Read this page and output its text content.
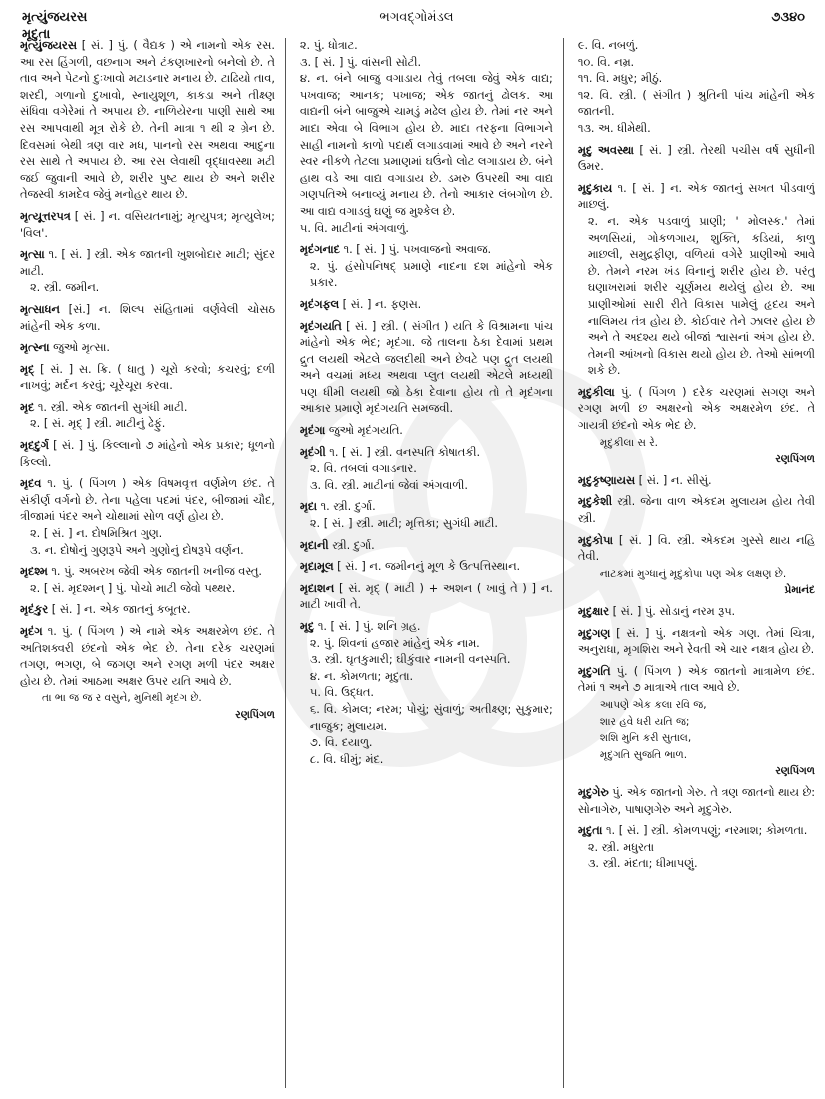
મૃત્યુંજયરસ
મૃદુતા
ભગવદ્ગોમંડલ	૭૩૪૦
મૃત્યુંજયરસ [ સં. ] પું. ( વૈદ્યક ) એ નામનો એક રસ. આ રસ હિંગળી, વછનાગ અને ટંકણખારનો બનેલો છે. તે તાવ અને પેટનો દુઃખાવો મટાડનાર મનાય છે. ટાઢિયો તાવ, શરદી, ગળાનો દુખાવો, સ્નાયુશૂળ, કાકડા અને તીક્ષ્ણ સંધિવા વગેરેમાં તે અપાય છે. નાળિયેરના પાણી સાથે આ રસ આપવાથી મૂત્ર રોકે છે. તેની માત્રા ૧ થી ૨ ગ્રેન છે. દિવસમાં બેથી ત્રણ વાર મધ, પાનનો રસ અથવા આદુના રસ સાથે તે અપાય છે. આ રસ લેવાથી વૃદ્ધાવસ્થા મટી જઈ જુવાની આવે છે, શરીર પુષ્ટ થાય છે અને શરીર તેજસ્વી કામદેવ જેવું મનોહર થાય છે.
મૃત્યૂત્તરપત્ર [ સં. ] ન. વસિયતનામું; મૃત્યુપત્ર; મૃત્યુલેખ; 'વિલ'.
મૃત્સા ૧. [ સં. ] સ્ત્રી. એક જાતની ખુશબોદાર માટી; સુંદર માટી.
૨. સ્ત્રી. જમીન.
મૃત્સાધન [સં.] ન. શિલ્પ સંહિતામાં વર્ણવેલી ચોસઠ માંહેની એક કળા.
મૃત્સ્ના જુઓ મૃત્સા.
મૃદ્ [ સં. ] સ. ક્રિ. ( ધાતુ ) ચૂરો કરવો; કચરવું; દળી નાખવું; મર્દન કરવું; ચૂરેચૂરા કરવા.
મૃદ ૧. સ્ત્રી. એક જાતની સુગંધી માટી.
૨. [ સં. મૃદ્ ] સ્ત્રી. માટીનું ઢેફું.
મૃદદુર્ગ [ સં. ] પું. કિલ્લાનો ૭ માંહેનો એક પ્રકાર; ધૂળનો કિલ્લો.
મૃદવ ૧. પું. ( પિંગળ ) એક વિષમવૃત્ત વર્ણમેળ છંદ. તે સંકીર્ણ વર્ગનો છે. તેના પહેલા પદમાં પંદર, બીજામાં ચૌદ, ત્રીજામાં પંદર અને ચોથામાં સોળ વર્ણ હોય છે.
૨. [ સં. ] ન. દોષમિશ્રિત ગુણ.
૩. ન. દોષોનું ગુણરૂપે અને ગુણોનું દોષરૂપે વર્ણન.
મૃદશ્મ ૧. પું. અબરખ જેવી એક જાતની ખનીજ વસ્તુ.
૨. [ સં. મૃદશ્મન્ ] પું. પોચો માટી જેવો પથ્થર.
મૃદંકુર [ સં. ] ન. એક જાતનું કબૂતર.
મૃદંગ ૧. પું. ( પિંગળ ) એ નામે એક અક્ષરમેળ છંદ. તે અતિશક્વરી છંદનો એક ભેદ છે. તેના દરેક ચરણમાં તગણ, ભગણ, બે જગણ અને રગણ મળી પંદર અક્ષર હોય છે. તેમાં આઠમા અક્ષર ઉપર યતિ આવે છે.
તા ભા જ જ ર વસુને, મુનિથી મૃદંગ છે.
રણપિંગળ
૨. પું. ધોત્રાટ.
૩. [ સં. ] પું. વાંસની સોટી.
૪. ન. બંને બાજુ વગાડાય તેવું તબલા જેવું એક વાદ્ય; પખવાજ; આનક; પખાજ; એક જાતનું ઢોલક. આ વાદ્યની બંને બાજુએ ચામડું મઢેલ હોય છે. તેમાં નર અને માદા એવા બે વિભાગ હોય છે. માદા તરફના વિભાગને સાહી નામનો કાળો પદાર્થ લગાડવામાં આવે છે અને નરને સ્વર નીકળે તેટલા પ્રમાણમાં ઘઉંનો લોટ લગાડાય છે. બંને હાથ વડે આ વાદ્ય વગાડાય છે. ડમરુ ઉપરથી આ વાદ્ય ગણપતિએ બનાવ્યું મનાય છે. તેનો આકાર લંબગોળ છે. આ વાદ્ય વગાડવું ઘણું જ મુશ્કેલ છે.
૫. વિ. માટીનાં અંગવાળું.
મૃદંગનાદ ૧. [ સં. ] પું. પખવાજનો અવાજ.
૨. પું. હંસોપનિષદ્ પ્રમાણે નાદના દશ માંહેનો એક પ્રકાર.
મૃદંગફલ [ સં. ] ન. ફણસ.
મૃદંગયતિ [ સં. ] સ્ત્રી. ( સંગીત ) યતિ કે વિશ્રામના પાંચ માંહેનો એક ભેદ; મૃદંગા. જે તાલના ઠેકા દેવામાં પ્રથમ દ્રુત લયથી એટલે જલદીથી અને છેવટે પણ દ્રુત લયથી અને વચમાં મધ્ય અથવા પ્લુત લયથી એટલે મધ્યથી પણ ધીમી લયથી જો ઠેકા દેવાના હોય તો તે મૃદંગના આકાર પ્રમાણે મૃદંગયતિ સમજવી.
મૃદંગા જુઓ મૃદંગયતિ.
મૃદંગી ૧. [ સં. ] સ્ત્રી. વનસ્પતિ કોષાતકી.
૨. વિ. તબલાં વગાડનાર.
૩. વિ. સ્ત્રી. માટીનાં જેવાં અંગવાળી.
મૃદા ૧. સ્ત્રી. દુર્ગા.
૨. [ સં. ] સ્ત્રી. માટી; મૃત્તિકા; સુગંધી માટી.
મૃદાની સ્ત્રી. દુર્ગા.
મૃદામૂલ [ સં. ] ન. જમીનનું મૂળ કે ઉત્પત્તિસ્થાન.
મૃદાશન [ સં. મૃદ્ ( માટી ) + અશન ( ખાવું તે ) ] ન. માટી ખાવી તે.
મૃદુ ૧. [ સં. ] પું. શનિ ગ્રહ.
૨. પું. શિવનાં હજાર માંહેનું એક નામ.
૩. સ્ત્રી. ઘૃતકુમારી; ઘીકુંવાર નામની વનસ્પતિ.
૪. ન. કોમળતા; મૃદુતા.
૫. વિ. ઉદ્ધત.
૬. વિ. કોમલ; નરમ; પોચું; સુંવાળું; અતીક્ષ્ણ; સુકુમાર; નાજુક; મુલાયમ.
૭. વિ. દયાળુ.
૮. વિ. ધીમું; મંદ.
૯. વિ. નબળું.
૧૦. વિ. નમ્ર.
૧૧. વિ. મધુર; મીઠું.
૧૨. વિ. સ્ત્રી. ( સંગીત ) શ્રુતિની પાંચ માંહેની એક જાતની.
૧૩. અ. ધીમેથી.
મૃદુ અવસ્થા [ સં. ] સ્ત્રી. તેરથી પચીસ વર્ષ સુધીની ઉમર.
મૃદુકાય ૧. [ સં. ] ન. એક જાતનું સખત પીડવાળું માછલું.
૨. ન. એક પડવાળું પ્રાણી; ' મોલસ્ક.' તેમાં અળસિયાં, ગોકળગાય, શુક્તિ, કડિયાં, કાળુ માછલી, સમુદ્રફીણ, વળિયાં વગેરે પ્રાણીઓ આવે છે. તેમને નરમ ખંડ વિનાનું શરીર હોય છે. પરંતુ ઘણાખરામાં શરીર ચૂર્ણમય થયેલું હોય છે. આ પ્રાણીઓમાં સારી રીતે વિકાસ પામેલું હૃદય અને નાલિમય તંત્ર હોય છે. કોઈવાર તેને ઝાલર હોય છે અને તે અદશ્ય થયે બીજાં શ્વાસનાં અંગ હોય છે. તેમની આંખનો વિકાસ થયો હોય છે. તેઓ સાંભળી શકે છે.
મૃદુકીલા પું. ( પિંગળ ) દરેક ચરણમાં સગણ અને રગણ મળી છ અક્ષરનો એક અક્ષરમેળ છંદ. તે ગાયત્રી છંદનો એક ભેદ છે.
મૃદુકીલા સ રે.
રણપિંગળ
મૃદુકૃષ્ણાયસ [ સં. ] ન. સીસું.
મૃદુકેશી સ્ત્રી. જેના વાળ એકદમ મુલાયમ હોય તેવી સ્ત્રી.
મૃદુકોપા [ સં. ] વિ. સ્ત્રી. એકદમ ગુસ્સે થાય નહિ તેવી.
નાટકમાં મુગ્ધાનું મૃદુકોપા પણ એક લક્ષણ છે.
પ્રેમાનંદ
મૃદુક્ષાર [ સં. ] પું. સોડાનું નરમ રૂપ.
મૃદુગણ [ સં. ] પું. નક્ષત્રનો એક ગણ. તેમાં ચિત્રા, અનુરાધા, મૃગશિરા અને રેવતી એ ચાર નક્ષત્ર હોય છે.
મૃદુગતિ પું. ( પિંગળ ) એક જાતનો માત્રામેળ છંદ. તેમાં ૧ અને ૭ માત્રાએ તાલ આવે છે.
આપણે એક કલા રવિ જ,
શાર હવે ધરી યતિ જ;
શશિ મુનિ કરી સુતાલ,
મૃદુગતિ સુજતિ ભાળ.
રણપિંગળ
મૃદુગેરુ પું. એક જાતનો ગેરુ. તે ત્રણ જાતનો થાય છે: સોનાગેરુ, પાષાણગેરુ અને મૃદુગેરુ.
મૃદુતા ૧. [ સં. ] સ્ત્રી. કોમળપણું; નરમાશ; કોમળતા.
૨. સ્ત્રી. મધુરતા
૩. સ્ત્રી. મંદતા; ધીમાપણું.
